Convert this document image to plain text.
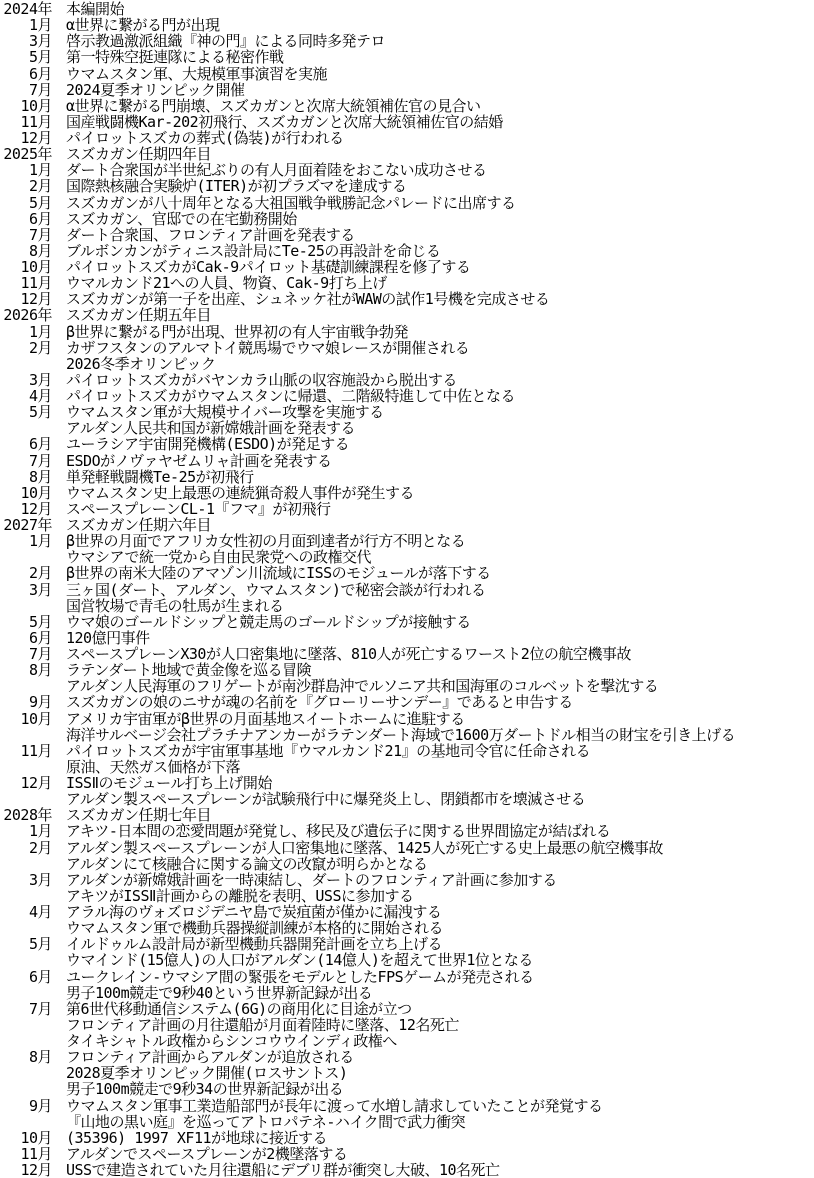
2024年 本編開始
1月 α世界に繋がる門が出現
3月 啓示教過激派組織『神の門』による同時多発テロ
5月 第一特殊空挺連隊による秘密作戦
6月 ウマムスタン軍、大規模軍事演習を実施
7月 2024夏季オリンピック開催
10月 α世界に繋がる門崩壊、スズカガンと次席大統領補佐官の見合い
11月 国産戦闘機Kar-202初飛行、スズカガンと次席大統領補佐官の結婚
12月 パイロットスズカの葬式(偽装)が行われる
2025年 スズカガン任期四年目
1月 ダート合衆国が半世紀ぶりの有人月面着陸をおこない成功させる
2月 国際熱核融合実験炉(ITER)が初プラズマを達成する
5月 スズカガンが八十周年となる大祖国戦争戦勝記念パレードに出席する
6月 スズカガン、官邸での在宅勤務開始
7月 ダート合衆国、フロンティア計画を発表する
8月 ブルボンカンがティニス設計局にTe-25の再設計を命じる
10月 パイロットスズカがCak-9パイロット基礎訓練課程を修了する
11月 ウマルカンド21への人員、物資、Cak-9打ち上げ
12月 スズカガンが第一子を出産、シュネッケ社がWAWの試作1号機を完成させる
2026年 スズカガン任期五年目
1月 β世界に繋がる門が出現、世界初の有人宇宙戦争勃発
2月 カザフスタンのアルマトイ競馬場でウマ娘レースが開催される
2026冬季オリンピック
3月 パイロットスズカがバヤンカラ山脈の収容施設から脱出する
4月 パイロットスズカがウマムスタンに帰還、二階級特進して中佐となる
5月 ウマムスタン軍が大規模サイバー攻撃を実施する
アルダン人民共和国が新嫦娥計画を発表する
6月 ユーラシア宇宙開発機構(ESDO)が発足する
7月 ESDOがノヴァヤゼムリャ計画を発表する
8月 単発軽戦闘機Te-25が初飛行
10月 ウマムスタン史上最悪の連続猟奇殺人事件が発生する
12月 スペースプレーンCL-1『フマ』が初飛行
2027年 スズカガン任期六年目
1月 β世界の月面でアフリカ女性初の月面到達者が行方不明となる
ウマシアで統一党から自由民衆党への政権交代
2月 β世界の南米大陸のアマゾン川流域にISSのモジュールが落下する
3月 三ヶ国(ダート、アルダン、ウマムスタン)で秘密会談が行われる
国営牧場で青毛の牡馬が生まれる
5月 ウマ娘のゴールドシップと競走馬のゴールドシップが接触する
6月 120億円事件
7月 スペースプレーンX30が人口密集地に墜落、810人が死亡するワースト2位の航空機事故
8月 ラテンダート地域で黄金像を巡る冒険
アルダン人民海軍のフリゲートが南沙群島沖でルソニア共和国海軍のコルベットを撃沈する
9月 スズカガンの娘のニサが魂の名前を『グローリーサンデー』であると申告する
10月 アメリカ宇宙軍がβ世界の月面基地スイートホームに進駐する
海洋サルベージ会社プラチナアンカーがラテンダート海域で1600万ダートドル相当の財宝を引き上げる
11月 パイロットスズカが宇宙軍事基地『ウマルカンド21』の基地司令官に任命される
原油、天然ガス価格が下落
12月 ISSⅡのモジュール打ち上げ開始
アルダン製スペースプレーンが試験飛行中に爆発炎上し、閉鎖都市を壊滅させる
2028年 スズカガン任期七年目
1月 アキツ-日本間の恋愛問題が発覚し、移民及び遺伝子に関する世界間協定が結ばれる
2月 アルダン製スペースプレーンが人口密集地に墜落、1425人が死亡する史上最悪の航空機事故
アルダンにて核融合に関する論文の改竄が明らかとなる
3月 アルダンが新嫦娥計画を一時凍結し、ダートのフロンティア計画に参加する
アキツがISSⅡ計画からの離脱を表明、USSに参加する
4月 アラル海のヴォズロジデニヤ島で炭疽菌が僅かに漏洩する
ウマムスタン軍で機動兵器操縦訓練が本格的に開始される
5月 イルドゥルム設計局が新型機動兵器開発計画を立ち上げる
ウマインド(15億人)の人口がアルダン(14億人)を超えて世界1位となる
6月 ユークレイン-ウマシア間の緊張をモデルとしたFPSゲームが発売される
男子100m競走で9秒40という世界新記録が出る
7月 第6世代移動通信システム(6G)の商用化に目途が立つ
フロンティア計画の月往還船が月面着陸時に墜落、12名死亡
タイキシャトル政権からシンコウウインディ政権へ
8月 フロンティア計画からアルダンが追放される
2028夏季オリンピック開催(ロスサントス)
男子100m競走で9秒34の世界新記録が出る
9月 ウマムスタン軍事工業造船部門が長年に渡って水増し請求していたことが発覚する
『山地の黒い庭』を巡ってアトロパテネ-ハイク間で武力衝突
10月 (35396) 1997 XF11が地球に接近する
11月 アルダンでスペースプレーンが2機墜落する
12月 USSで建造されていた月往還船にデブリ群が衝突し大破、10名死亡
